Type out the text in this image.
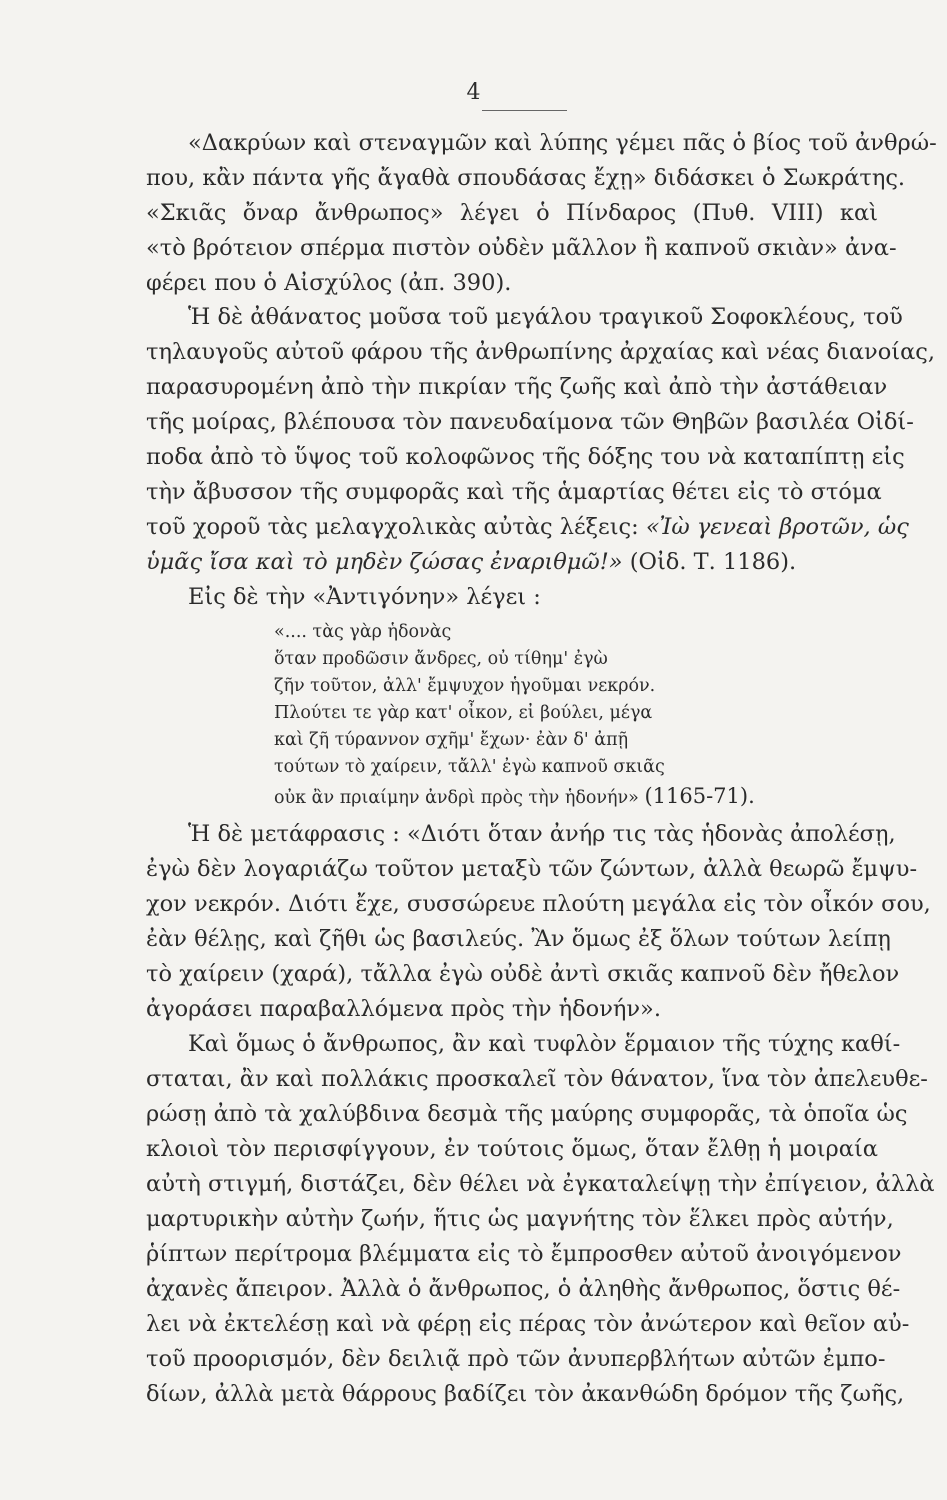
4
«Δακρύων καὶ στεναγμῶν καὶ λύπης γέμει πᾶς ὁ βίος τοῦ ἀνθρώ-
που, κἂν πάντα γῆς ἄγαθὰ σπουδάσας ἔχῃ» διδάσκει ὁ Σωκράτης.
«Σκιᾶς ὄναρ ἄνθρωπος» λέγει ὁ Πίνδαρος (Πυθ. VIII) καὶ
«τὸ βρότειον σπέρμα πιστὸν οὐδὲν μᾶλλον ἢ καπνοῦ σκιὰν» ἀνα-
φέρει που ὁ Αἰσχύλος (ἀπ. 390).
Ἡ δὲ ἀθάνατος μοῦσα τοῦ μεγάλου τραγικοῦ Σοφοκλέους, τοῦ
τηλαυγοῦς αὐτοῦ φάρου τῆς ἀνθρωπίνης ἀρχαίας καὶ νέας διανοίας,
παρασυρομένη ἀπὸ τὴν πικρίαν τῆς ζωῆς καὶ ἀπὸ τὴν ἀστάθειαν
τῆς μοίρας, βλέπουσα τὸν πανευδαίμονα τῶν Θηβῶν βασιλέα Οἰδί-
ποδα ἀπὸ τὸ ὕψος τοῦ κολοφῶνος τῆς δόξης του νὰ καταπίπτῃ εἰς
τὴν ἄβυσσον τῆς συμφορᾶς καὶ τῆς ἁμαρτίας θέτει εἰς τὸ στόμα
τοῦ χοροῦ τὰς μελαγχολικὰς αὐτὰς λέξεις: «Ἰὼ γενεαὶ βροτῶν, ὡς
ὑμᾶς ἴσα καὶ τὸ μηδὲν ζώσας ἐναριθμῶ!» (Οἰδ. Τ. 1186).
Εἰς δὲ τὴν «Ἀντιγόνην» λέγει :
«.... τὰς γὰρ ἡδονὰς
ὅταν προδῶσιν ἄνδρες, οὐ τίθημ' ἐγὼ
ζῆν τοῦτον, ἀλλ' ἔμψυχον ἡγοῦμαι νεκρόν.
Πλούτει τε γὰρ κατ' οἶκον, εἰ βούλει, μέγα
καὶ ζῆ τύραννον σχῆμ' ἔχων· ἐὰν δ' ἀπῇ
τούτων τὸ χαίρειν, τἄλλ' ἐγὼ καπνοῦ σκιᾶς
οὐκ ἂν πριαίμην ἀνδρὶ πρὸς τὴν ἡδονήν» (1165-71).
Ἡ δὲ μετάφρασις : «Διότι ὅταν ἀνήρ τις τὰς ἡδονὰς ἀπολέσῃ,
ἐγὼ δὲν λογαριάζω τοῦτον μεταξὺ τῶν ζώντων, ἀλλὰ θεωρῶ ἔμψυ-
χον νεκρόν. Διότι ἔχε, συσσώρευε πλούτη μεγάλα εἰς τὸν οἶκόν σου,
ἐὰν θέλῃς, καὶ ζῆθι ὡς βασιλεύς. Ἂν ὅμως ἐξ ὅλων τούτων λείπῃ
τὸ χαίρειν (χαρά), τἄλλα ἐγὼ οὐδὲ ἀντὶ σκιᾶς καπνοῦ δὲν ἤθελον
ἀγοράσει παραβαλλόμενα πρὸς τὴν ἡδονήν».
Καὶ ὅμως ὁ ἄνθρωπος, ἂν καὶ τυφλὸν ἕρμαιον τῆς τύχης καθί-
σταται, ἂν καὶ πολλάκις προσκαλεῖ τὸν θάνατον, ἵνα τὸν ἀπελευθε-
ρώσῃ ἀπὸ τὰ χαλύβδινα δεσμὰ τῆς μαύρης συμφορᾶς, τὰ ὁποῖα ὡς
κλοιοὶ τὸν περισφίγγουν, ἐν τούτοις ὅμως, ὅταν ἔλθῃ ἡ μοιραία
αὐτὴ στιγμή, διστάζει, δὲν θέλει νὰ ἐγκαταλείψῃ τὴν ἐπίγειον, ἀλλὰ
μαρτυρικὴν αὐτὴν ζωήν, ἥτις ὡς μαγνήτης τὸν ἕλκει πρὸς αὐτήν,
ῥίπτων περίτρομα βλέμματα εἰς τὸ ἔμπροσθεν αὐτοῦ ἀνοιγόμενον
ἀχανὲς ἄπειρον. Ἀλλὰ ὁ ἄνθρωπος, ὁ ἀληθὴς ἄνθρωπος, ὅστις θέ-
λει νὰ ἐκτελέσῃ καὶ νὰ φέρῃ εἰς πέρας τὸν ἀνώτερον καὶ θεῖον αὐ-
τοῦ προορισμόν, δὲν δειλιᾷ πρὸ τῶν ἀνυπερβλήτων αὐτῶν ἐμπο-
δίων, ἀλλὰ μετὰ θάρρους βαδίζει τὸν ἀκανθώδη δρόμον τῆς ζωῆς,
